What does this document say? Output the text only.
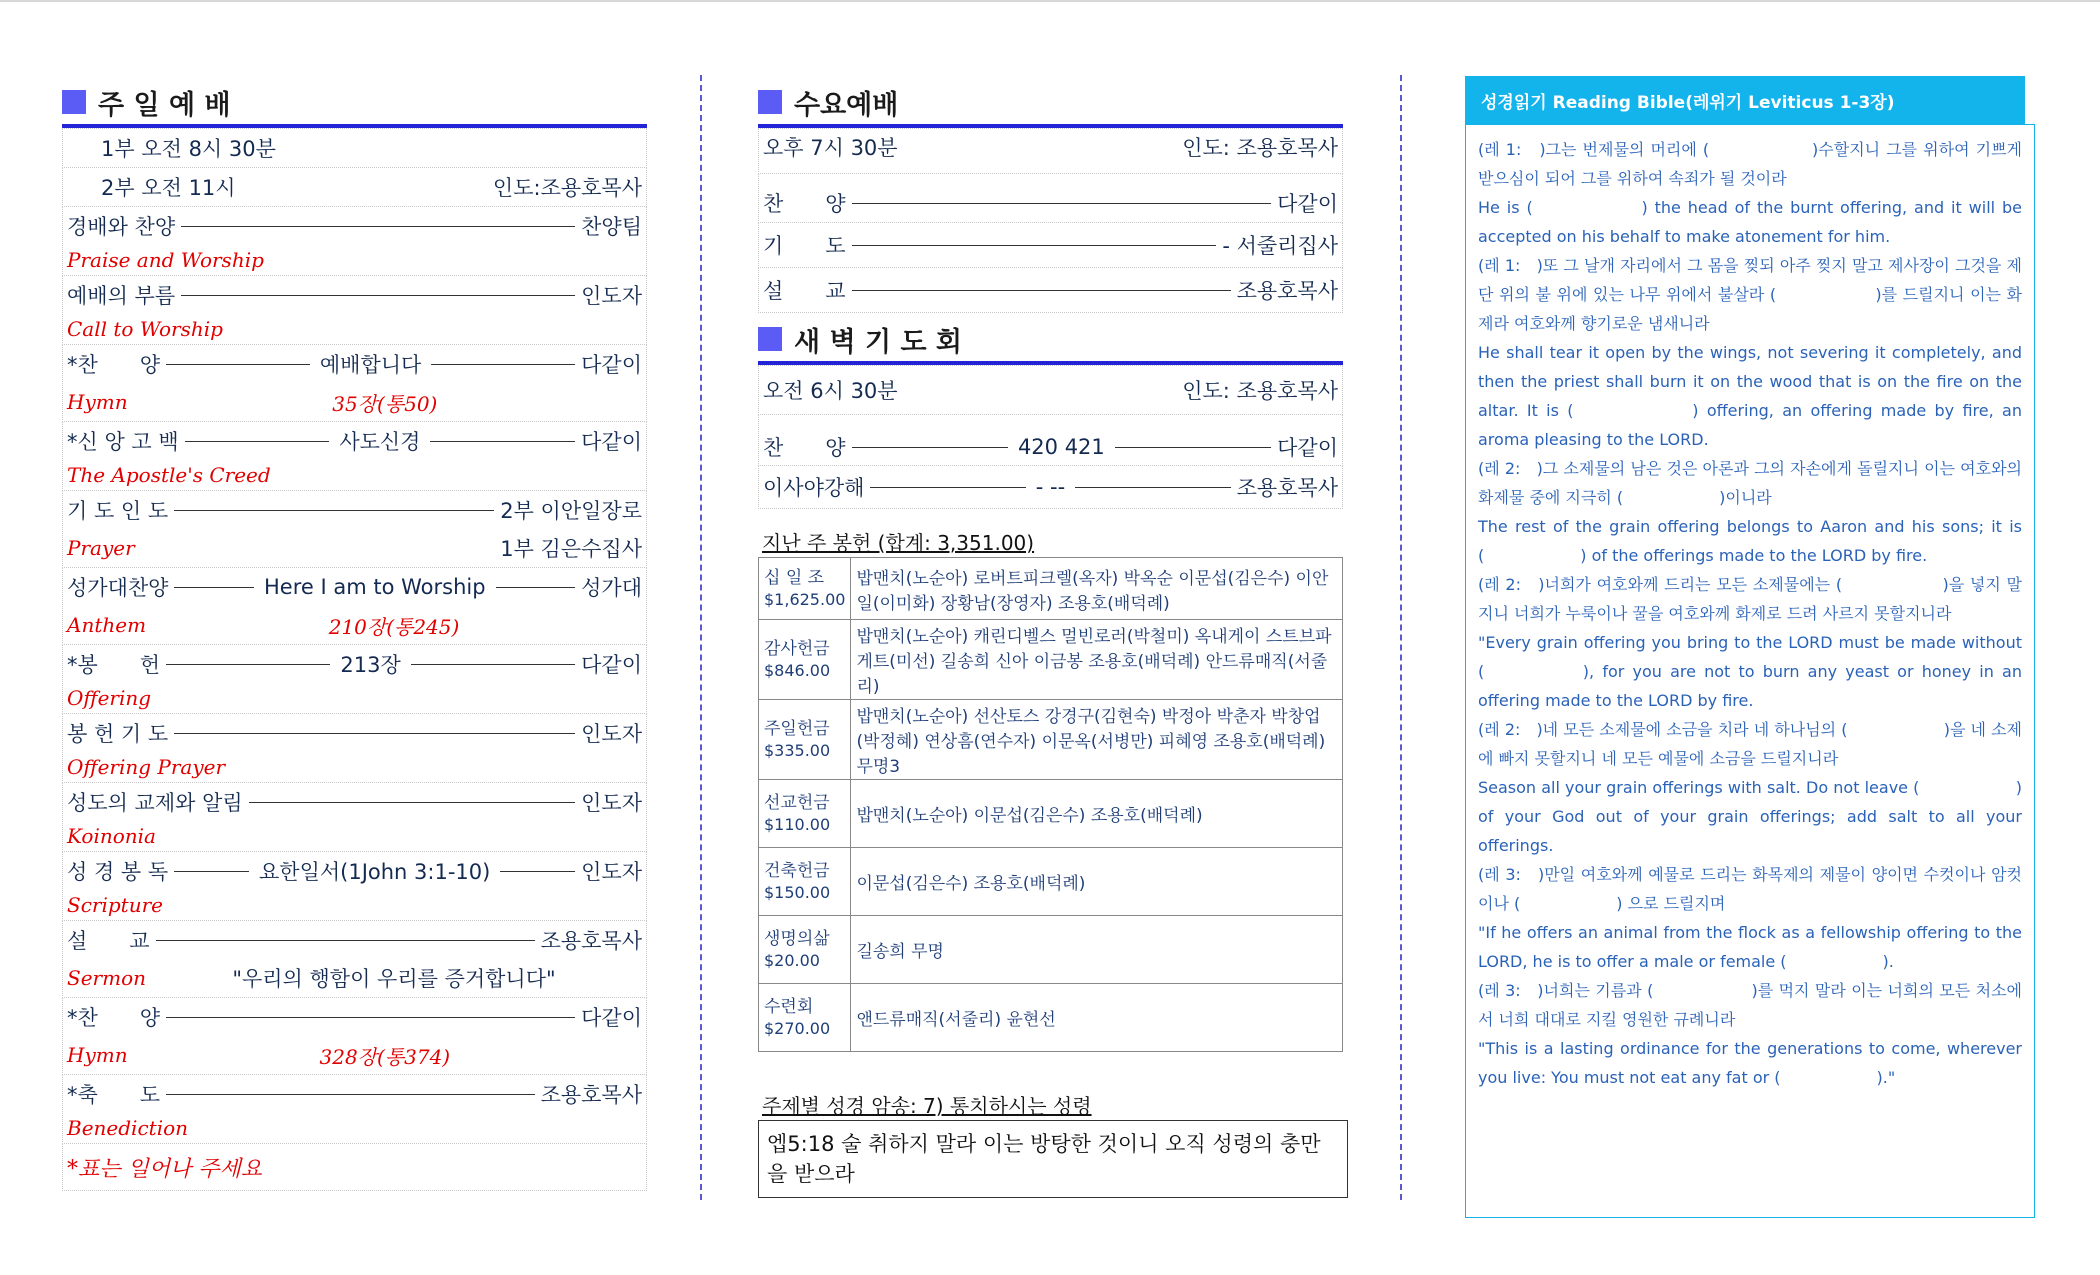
주 일 예 배
1부 오전 8시 30분
2부 오전 11시	인도:조용호목사
경배와 찬양	찬양팀
Praise and Worship
예배의 부름	인도자
Call to Worship
*찬　　양	예배합니다	다같이
Hymn	35장(통50)
*신 앙 고 백	사도신경	다같이
The Apostle's Creed
기 도 인 도	2부 이안일장로
Prayer	1부 김은수집사
성가대찬양	Here I am to Worship	성가대
Anthem	210장(통245)
*봉　　헌	213장	다같이
Offering
봉 헌 기 도	인도자
Offering Prayer
성도의 교제와 알림	인도자
Koinonia
성 경 봉 독	요한일서(1John 3:1-10)	인도자
Scripture
설　　교	조용호목사
Sermon	"우리의 행함이 우리를 증거합니다"
*찬　　양	다같이
Hymn	328장(통374)
*축　　도	조용호목사
Benediction
*표는 일어나 주세요
수요예배
오후 7시 30분	인도: 조용호목사
찬　　양	다같이
기　　도	- 서줄리집사
설　　교	조용호목사
새 벽 기 도 회
오전 6시 30분	인도: 조용호목사
찬　　양	420 421	다같이
이사야강해	- --	조용호목사
지난 주 봉헌 (합계: 3,351.00)
십 일 조
$1,625.00	밥맨치(노순아) 로버트피크렐(옥자) 박옥순 이문섭(김은수) 이안일(이미화) 장황남(장영자) 조용호(배덕례)

감사헌금
$846.00	밥맨치(노순아) 캐린디벨스 멀빈로러(박철미) 옥내게이 스트브파게트(미선) 길송희 신아 이금봉 조용호(배덕례) 안드류매직(서줄리)

주일헌금
$335.00	밥맨치(노순아) 선산토스 강경구(김현숙) 박정아 박춘자 박창업(박정혜) 연상흠(연수자) 이문옥(서병만) 피혜영 조용호(배덕례) 무명3

선교헌금
$110.00	밥맨치(노순아) 이문섭(김은수) 조용호(배덕례)

건축헌금
$150.00	이문섭(김은수) 조용호(배덕례)

생명의삶
$20.00	길송희 무명

수련회
$270.00	앤드류매직(서줄리) 윤현선
주제별 성경 암송: 7) 통치하시는 성령
엡5:18 술 취하지 말라 이는 방탕한 것이니 오직 성령의 충만을 받으라
성경읽기 Reading Bible(레위기 Leviticus 1-3장)

(레 1:　)그는 번제물의 머리에 (　　　　　　)수할지니 그를 위하여 기쁘게 받으심이 되어 그를 위하여 속죄가 될 것이라

He is (　　　　　　) the head of the burnt offering, and it will be accepted on his behalf to make atonement for him.

(레 1:　)또 그 날개 자리에서 그 몸을 찢되 아주 찢지 말고 제사장이 그것을 제단 위의 불 위에 있는 나무 위에서 불살라 (　　　　　　)를 드릴지니 이는 화제라 여호와께 향기로운 냄새니라

He shall tear it open by the wings, not severing it completely, and then the priest shall burn it on the wood that is on the fire on the altar. It is (　　　　　　) offering, an offering made by fire, an aroma pleasing to the LORD.

(레 2:　)그 소제물의 남은 것은 아론과 그의 자손에게 돌릴지니 이는 여호와의 화제물 중에 지극히 (　　　　　　)이니라

The rest of the grain offering belongs to Aaron and his sons; it is (　　　　　　) of the offerings made to the LORD by fire.

(레 2:　)너희가 여호와께 드리는 모든 소제물에는 (　　　　　　)을 넣지 말지니 너희가 누룩이나 꿀을 여호와께 화제로 드려 사르지 못할지니라

"Every grain offering you bring to the LORD must be made without (　　　　　), for you are not to burn any yeast or honey in an offering made to the LORD by fire.

(레 2:　)네 모든 소제물에 소금을 치라 네 하나님의 (　　　　　　)을 네 소제에 빠지 못할지니 네 모든 예물에 소금을 드릴지니라

Season all your grain offerings with salt. Do not leave (　　　　　　) of your God out of your grain offerings; add salt to all your offerings.

(레 3:　)만일 여호와께 예물로 드리는 화목제의 제물이 양이면 수컷이나 암컷이나 (　　　　　　) 으로 드릴지며

"If he offers an animal from the flock as a fellowship offering to the LORD, he is to offer a male or female (　　　　　　).

(레 3:　)너희는 기름과 (　　　　　　)를 먹지 말라 이는 너희의 모든 처소에서 너희 대대로 지킬 영원한 규례니라

"This is a lasting ordinance for the generations to come, wherever you live: You must not eat any fat or (　　　　　　)."
